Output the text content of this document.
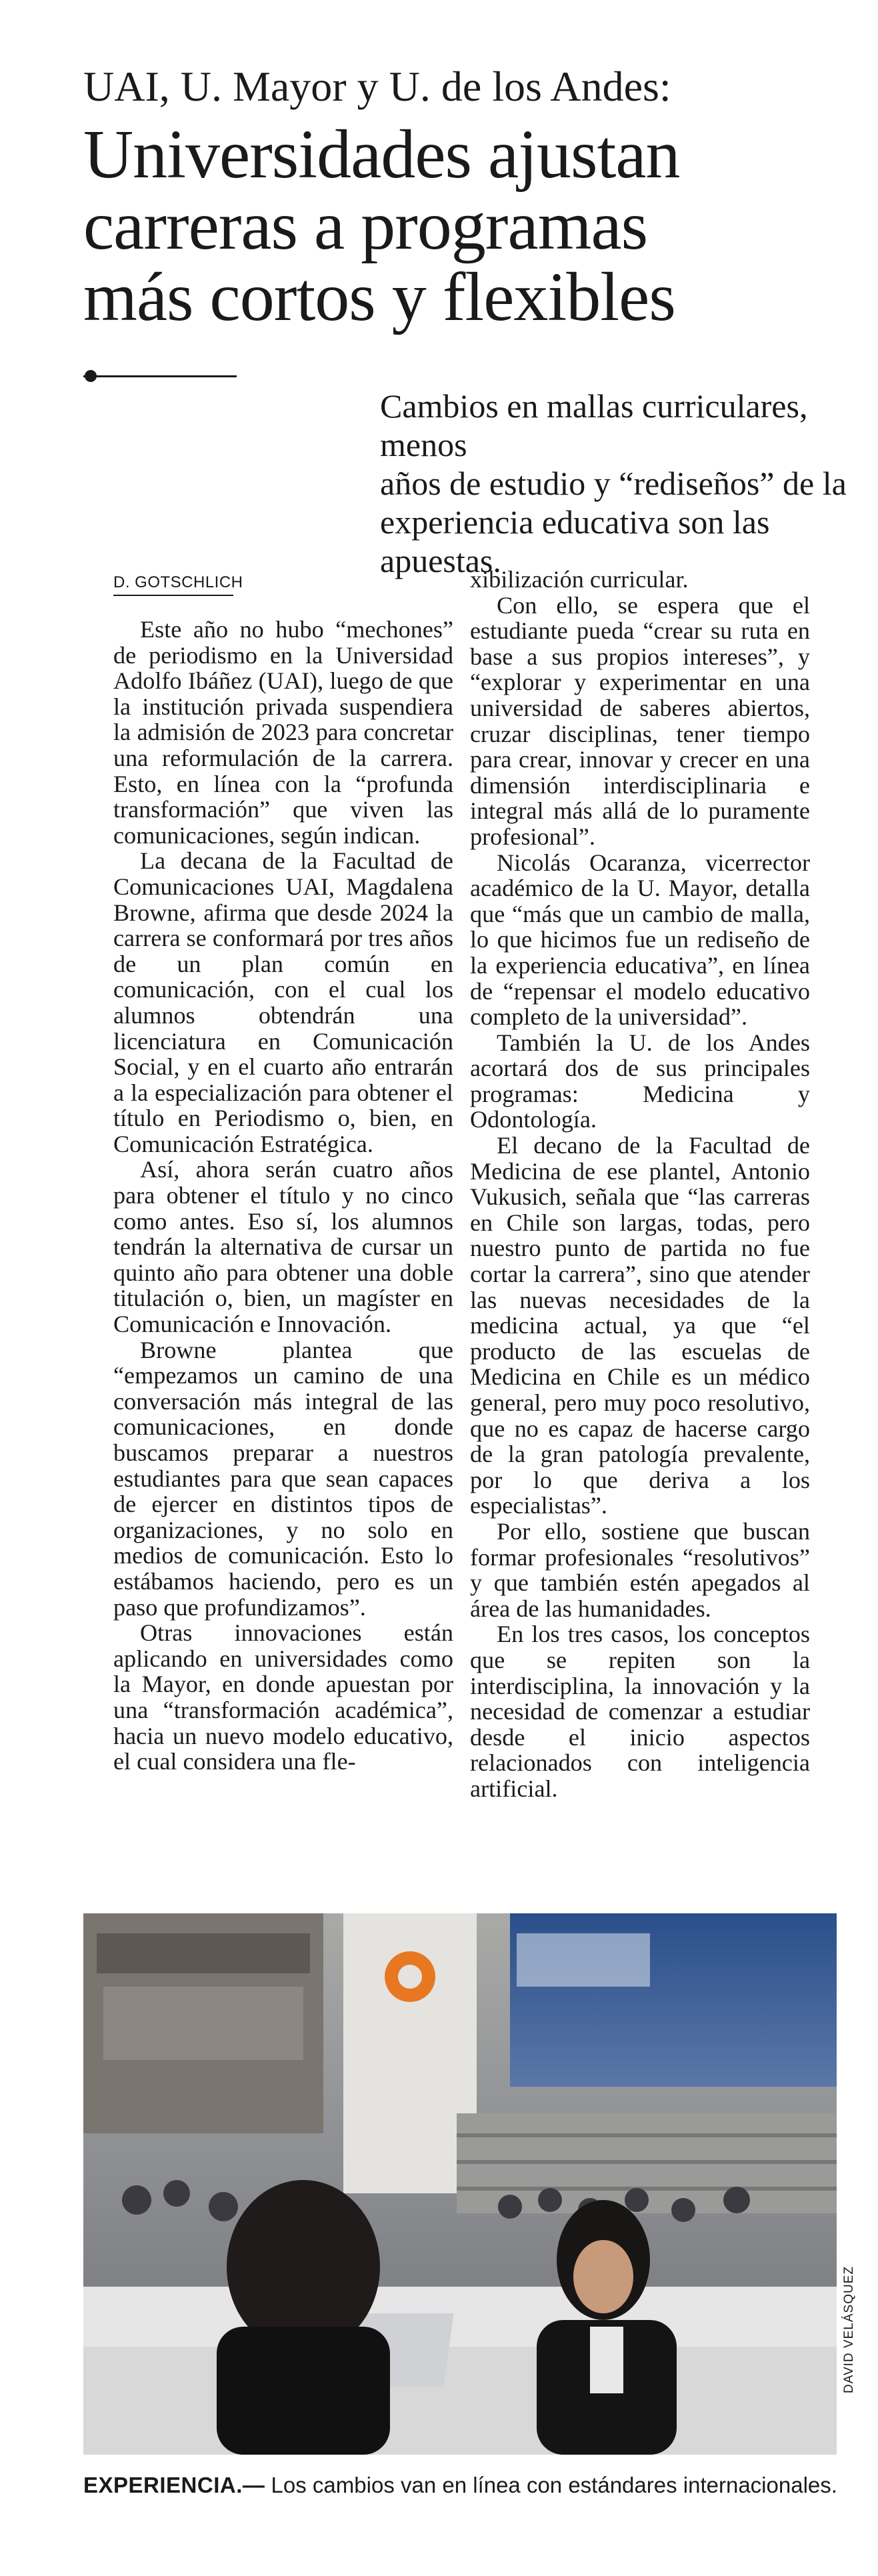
UAI, U. Mayor y U. de los Andes:
Universidades ajustan
carreras a programas
más cortos y flexibles
Cambios en mallas curriculares, menos
años de estudio y “rediseños” de la
experiencia educativa son las apuestas.
D. GOTSCHLICH

Este año no hubo “mechones” de periodismo en la Universidad Adolfo Ibáñez (UAI), luego de que la institución privada suspendiera la admisión de 2023 para concretar una reformulación de la carrera. Esto, en línea con la “profunda transformación” que viven las comunicaciones, según indican.

La decana de la Facultad de Comunicaciones UAI, Magdalena Browne, afirma que desde 2024 la carrera se conformará por tres años de un plan común en comunicación, con el cual los alumnos obtendrán una licenciatura en Comunicación Social, y en el cuarto año entrarán a la especialización para obtener el título en Periodismo o, bien, en Comunicación Estratégica.

Así, ahora serán cuatro años para obtener el título y no cinco como antes. Eso sí, los alumnos tendrán la alternativa de cursar un quinto año para obtener una doble titulación o, bien, un magíster en Comunicación e Innovación.

Browne plantea que “empezamos un camino de una conversación más integral de las comunicaciones, en donde buscamos preparar a nuestros estudiantes para que sean capaces de ejercer en distintos tipos de organizaciones, y no solo en medios de comunicación. Esto lo estábamos haciendo, pero es un paso que profundizamos”.

Otras innovaciones están aplicando en universidades como la Mayor, en donde apuestan por una “transformación académica”, hacia un nuevo modelo educativo, el cual considera una fle-

xibilización curricular.

Con ello, se espera que el estudiante pueda “crear su ruta en base a sus propios intereses”, y “explorar y experimentar en una universidad de saberes abiertos, cruzar disciplinas, tener tiempo para crear, innovar y crecer en una dimensión interdisciplinaria e integral más allá de lo puramente profesional”.

Nicolás Ocaranza, vicerrector académico de la U. Mayor, detalla que “más que un cambio de malla, lo que hicimos fue un rediseño de la experiencia educativa”, en línea de “repensar el modelo educativo completo de la universidad”.

También la U. de los Andes acortará dos de sus principales programas: Medicina y Odontología.

El decano de la Facultad de Medicina de ese plantel, Antonio Vukusich, señala que “las carreras en Chile son largas, todas, pero nuestro punto de partida no fue cortar la carrera”, sino que atender las nuevas necesidades de la medicina actual, ya que “el producto de las escuelas de Medicina en Chile es un médico general, pero muy poco resolutivo, que no es capaz de hacerse cargo de la gran patología prevalente, por lo que deriva a los especialistas”.

Por ello, sostiene que buscan formar profesionales “resolutivos” y que también estén apegados al área de las humanidades.

En los tres casos, los conceptos que se repiten son la interdisciplina, la innovación y la necesidad de comenzar a estudiar desde el inicio aspectos relacionados con inteligencia artificial.

DAVID VELÁSQUEZ
EXPERIENCIA.— Los cambios van en línea con estándares internacionales.
